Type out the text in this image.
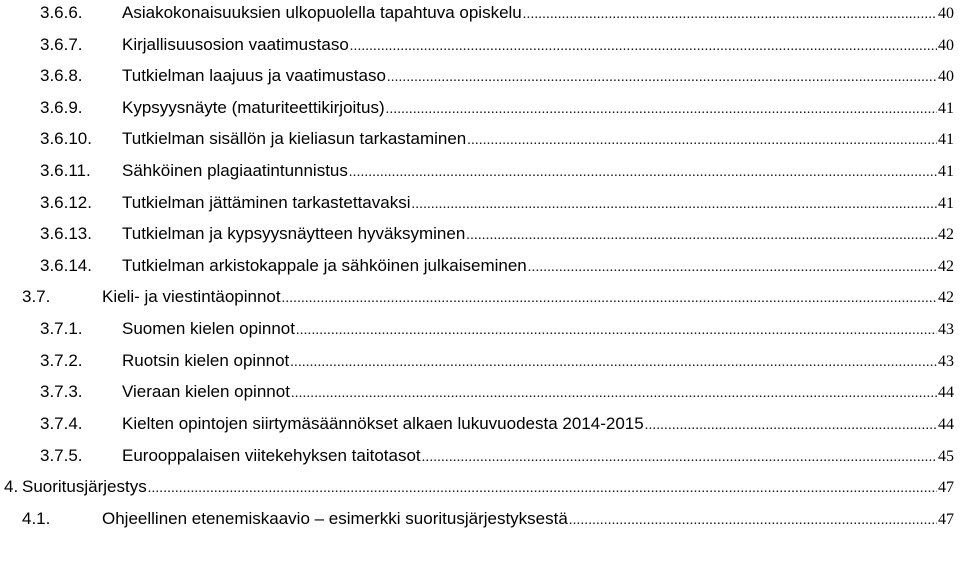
3.6.6.	Asiakokonaisuuksien ulkopuolella tapahtuva opiskelu .....	40
3.6.7.	Kirjallisuusosion vaatimustaso .....	40
3.6.8.	Tutkielman laajuus ja vaatimustaso .....	40
3.6.9.	Kypsyysnäyte (maturiteettikirjoitus) .....	41
3.6.10.	Tutkielman sisällön ja kieliasun tarkastaminen .....	41
3.6.11.	Sähköinen plagiaatintunnistus .....	41
3.6.12.	Tutkielman jättäminen tarkastettavaksi .....	41
3.6.13.	Tutkielman ja kypsyysnäytteen hyväksyminen .....	42
3.6.14.	Tutkielman arkistokappale ja sähköinen julkaiseminen .....	42
3.7.	Kieli- ja viestintäopinnot .....	42
3.7.1.	Suomen kielen opinnot .....	43
3.7.2.	Ruotsin kielen opinnot .....	43
3.7.3.	Vieraan kielen opinnot .....	44
3.7.4.	Kielten opintojen siirtymäsäännökset alkaen lukuvuodesta 2014-2015 .....	44
3.7.5.	Eurooppalaisen viitekehyksen taitotasot .....	45
4. Suoritusjärjestys .....	47
4.1.	Ohjeellinen etenemiskaavio – esimerkki suoritusjärjestyksestä .....	47
